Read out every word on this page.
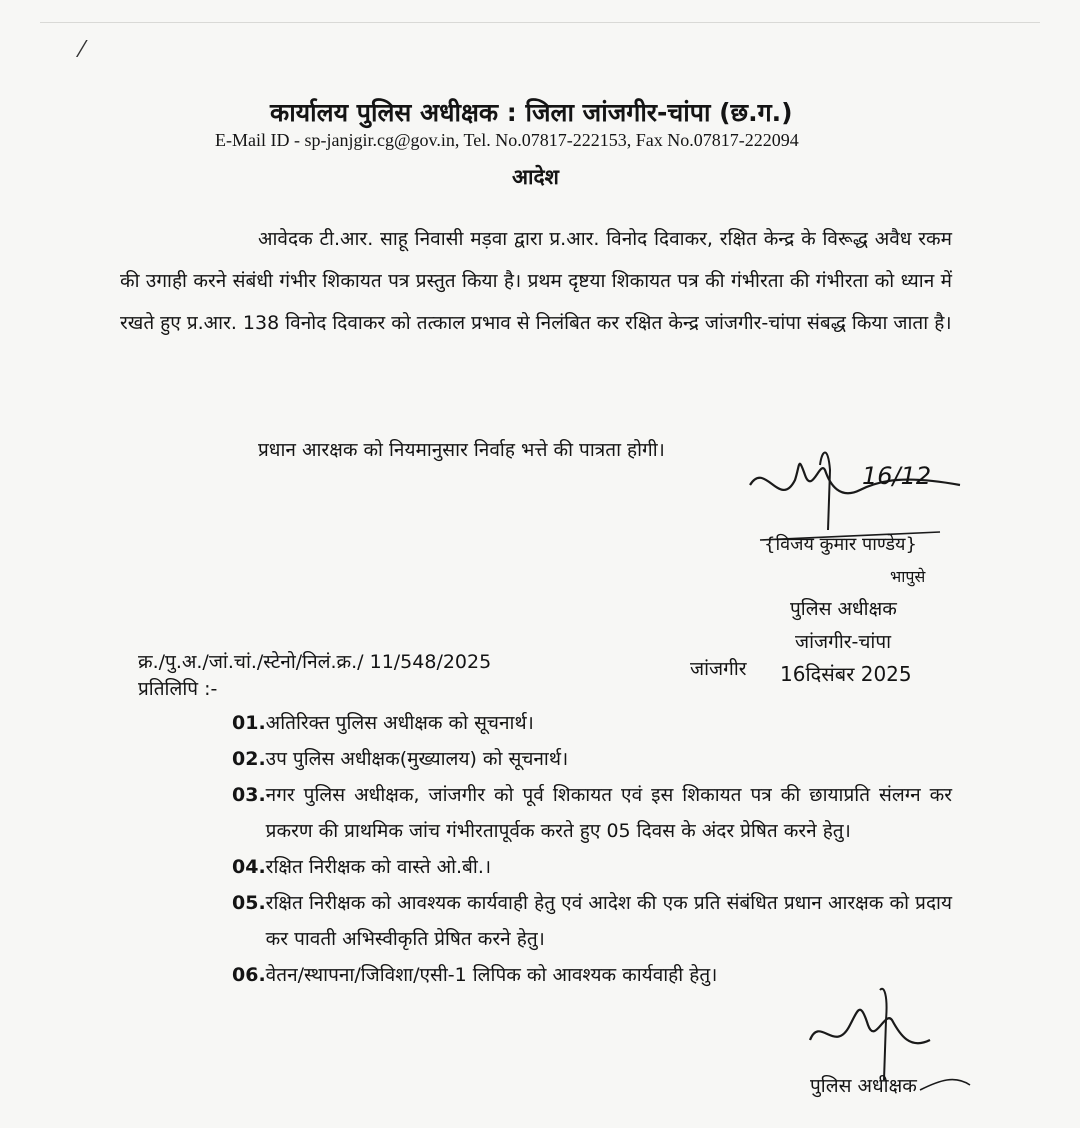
⁄
कार्यालय पुलिस अधीक्षक : जिला जांजगीर-चांपा (छ.ग.)
E-Mail ID - sp-janjgir.cg@gov.in, Tel. No.07817-222153, Fax No.07817-222094
आदेश
आवेदक टी.आर. साहू निवासी मड़वा द्वारा प्र.आर. विनोद दिवाकर, रक्षित केन्द्र के विरूद्ध अवैध रकम की उगाही करने संबंधी गंभीर शिकायत पत्र प्रस्तुत किया है। प्रथम दृष्टया शिकायत पत्र की गंभीरता की गंभीरता को ध्यान में रखते हुए प्र.आर. 138 विनोद दिवाकर को तत्काल प्रभाव से निलंबित कर रक्षित केन्द्र जांजगीर-चांपा संबद्ध किया जाता है।
प्रधान आरक्षक को नियमानुसार निर्वाह भत्ते की पात्रता होगी।
16/12
{विजय कुमार पाण्डेय}
भापुसे
पुलिस अधीक्षक
जांजगीर-चांपा
क्र./पु.अ./जां.चां./स्टेनो/निलं.क्र./ 11/548/2025	जांजगीर 16दिसंबर 2025
प्रतिलिपि :-
01. अतिरिक्त पुलिस अधीक्षक को सूचनार्थ।
02. उप पुलिस अधीक्षक(मुख्यालय) को सूचनार्थ।
03. नगर पुलिस अधीक्षक, जांजगीर को पूर्व शिकायत एवं इस शिकायत पत्र की छायाप्रति संलग्न कर प्रकरण की प्राथमिक जांच गंभीरतापूर्वक करते हुए 05 दिवस के अंदर प्रेषित करने हेतु।
04. रक्षित निरीक्षक को वास्ते ओ.बी.।
05. रक्षित निरीक्षक को आवश्यक कार्यवाही हेतु एवं आदेश की एक प्रति संबंधित प्रधान आरक्षक को प्रदाय कर पावती अभिस्वीकृति प्रेषित करने हेतु।
06. वेतन/स्थापना/जिविशा/एसी-1 लिपिक को आवश्यक कार्यवाही हेतु।
पुलिस अधीक्षक
